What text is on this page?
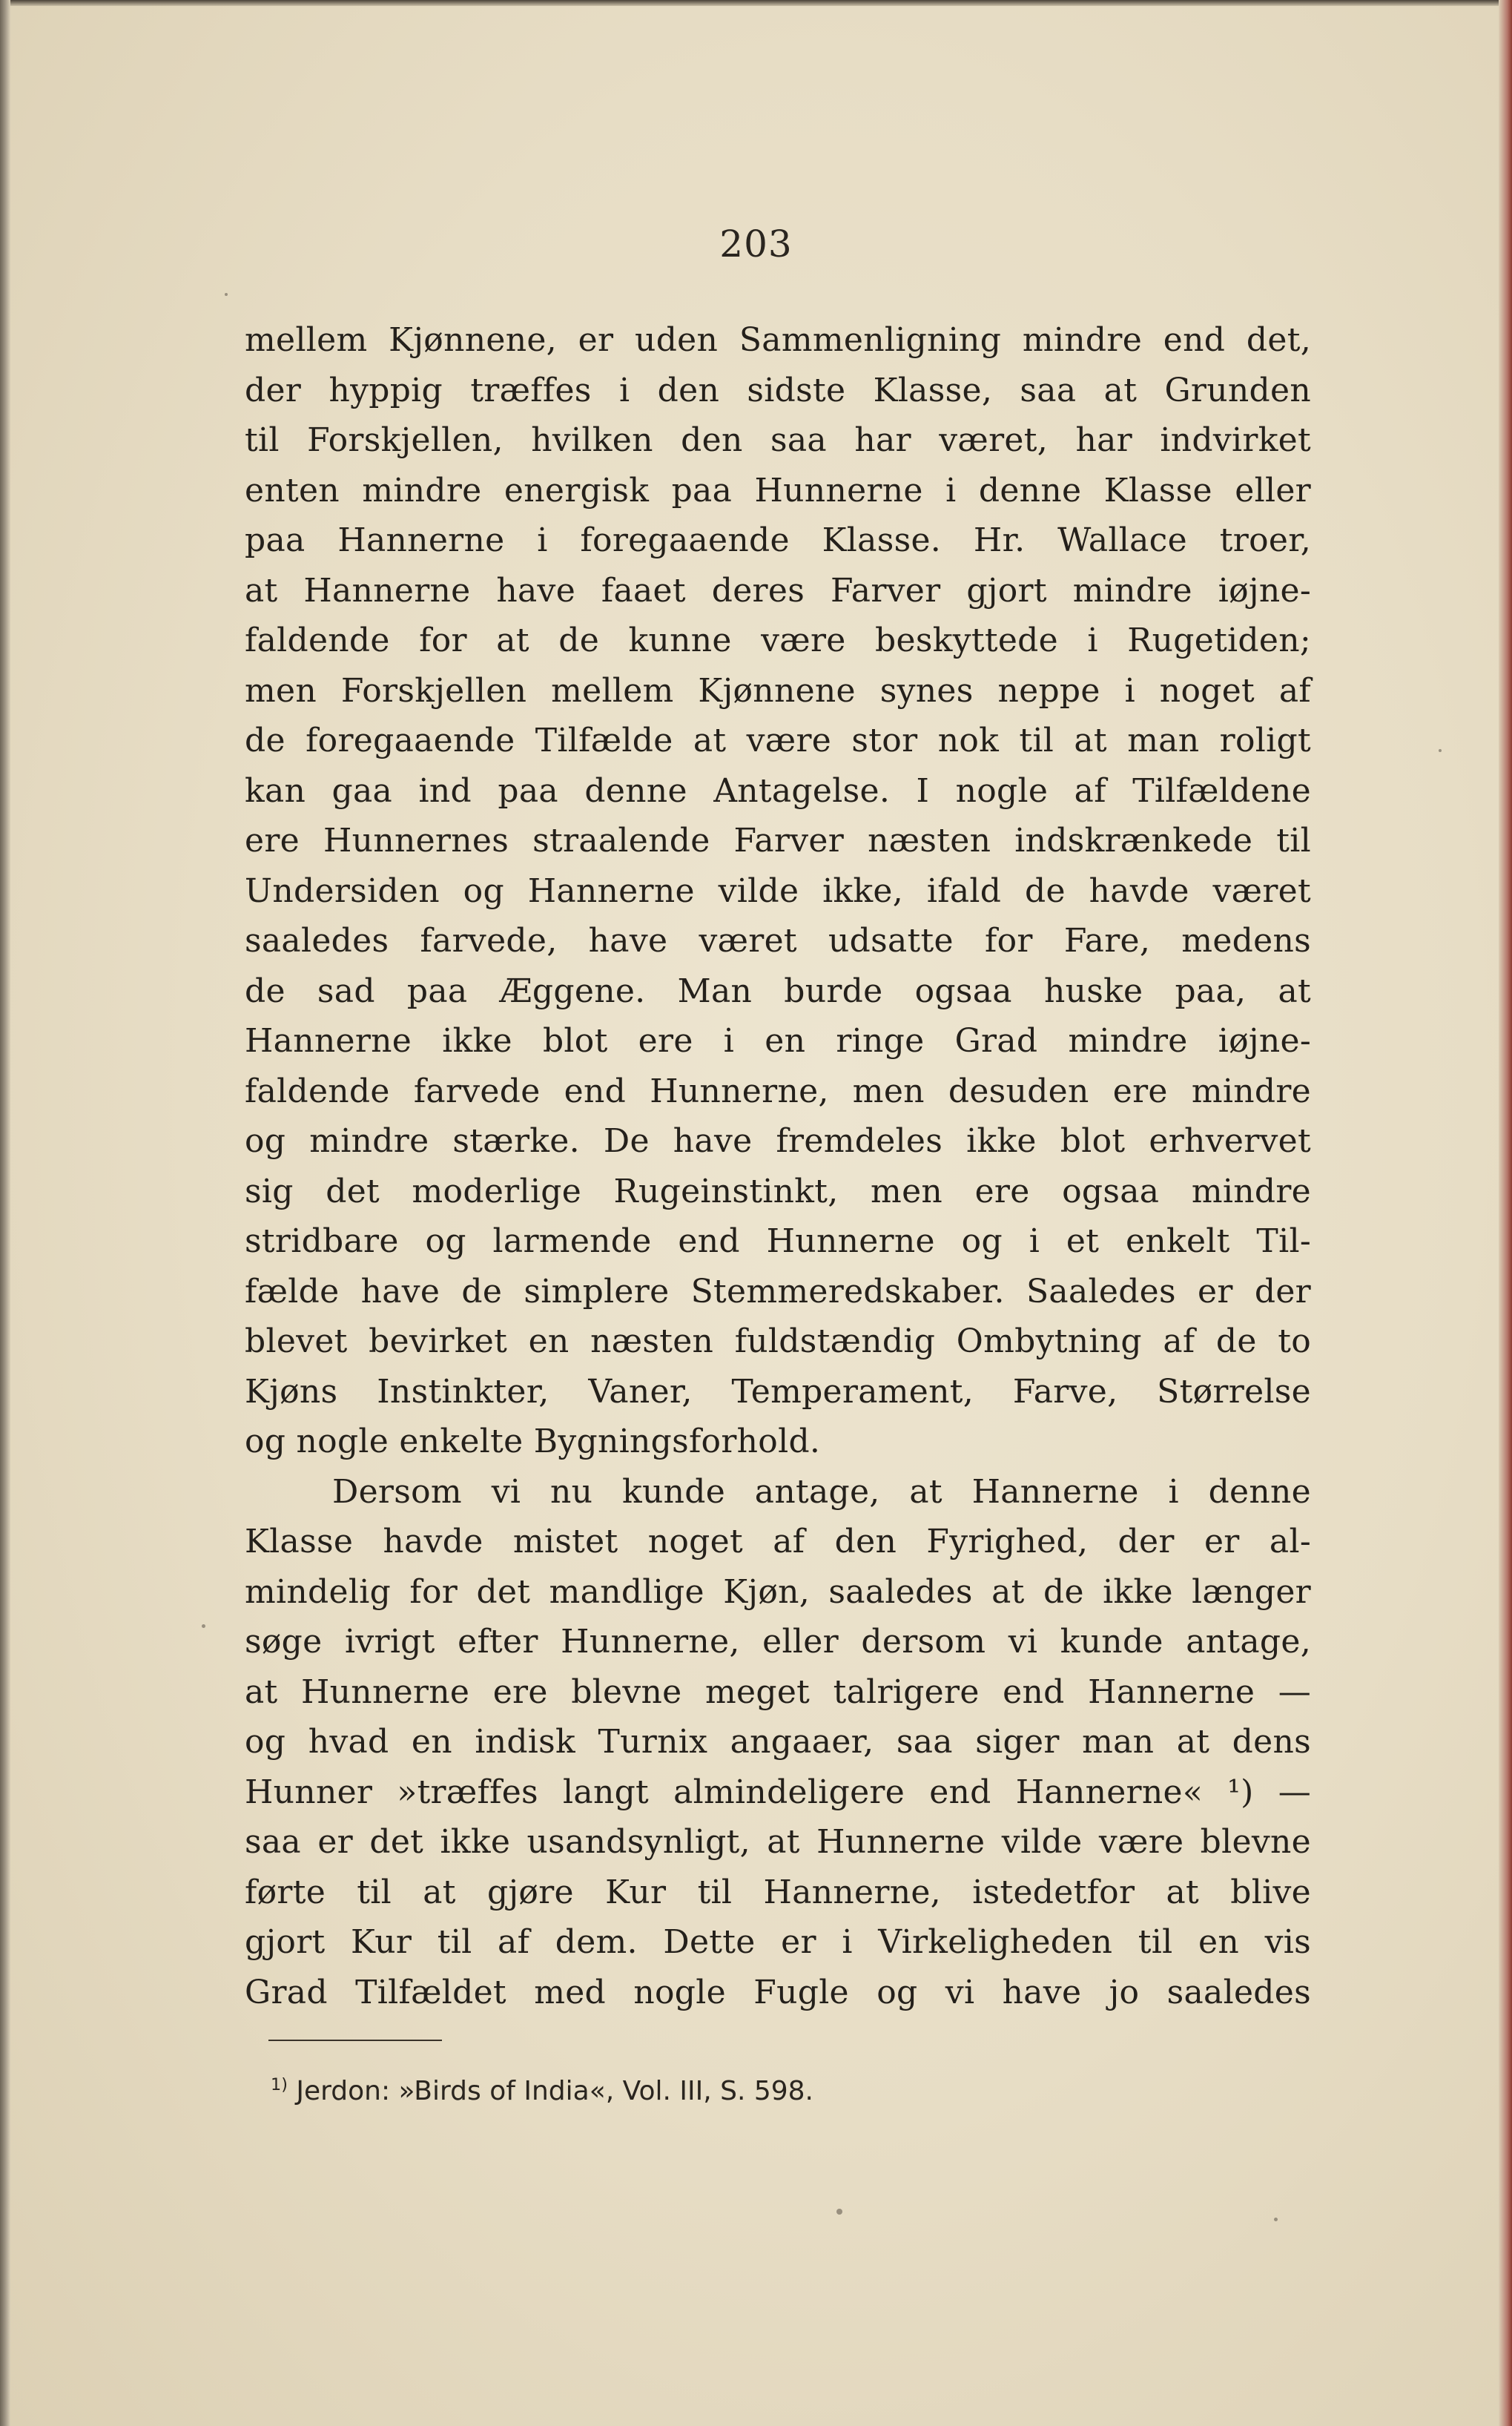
203
mellem Kjønnene, er uden Sammenligning mindre end det,
der hyppig træffes i den sidste Klasse, saa at Grunden
til Forskjellen, hvilken den saa har været, har indvirket
enten mindre energisk paa Hunnerne i denne Klasse eller
paa Hannerne i foregaaende Klasse. Hr. Wallace troer,
at Hannerne have faaet deres Farver gjort mindre iøjne-
faldende for at de kunne være beskyttede i Rugetiden;
men Forskjellen mellem Kjønnene synes neppe i noget af
de foregaaende Tilfælde at være stor nok til at man roligt
kan gaa ind paa denne Antagelse. I nogle af Tilfældene
ere Hunnernes straalende Farver næsten indskrænkede til
Undersiden og Hannerne vilde ikke, ifald de havde været
saaledes farvede, have været udsatte for Fare, medens
de sad paa Æggene. Man burde ogsaa huske paa, at
Hannerne ikke blot ere i en ringe Grad mindre iøjne-
faldende farvede end Hunnerne, men desuden ere mindre
og mindre stærke. De have fremdeles ikke blot erhvervet
sig det moderlige Rugeinstinkt, men ere ogsaa mindre
stridbare og larmende end Hunnerne og i et enkelt Til-
fælde have de simplere Stemmeredskaber. Saaledes er der
blevet bevirket en næsten fuldstændig Ombytning af de to
Kjøns Instinkter, Vaner, Temperament, Farve, Størrelse
og nogle enkelte Bygningsforhold.
Dersom vi nu kunde antage, at Hannerne i denne
Klasse havde mistet noget af den Fyrighed, der er al-
mindelig for det mandlige Kjøn, saaledes at de ikke længer
søge ivrigt efter Hunnerne, eller dersom vi kunde antage,
at Hunnerne ere blevne meget talrigere end Hannerne —
og hvad en indisk Turnix angaaer, saa siger man at dens
Hunner »træffes langt almindeligere end Hannerne« ¹) —
saa er det ikke usandsynligt, at Hunnerne vilde være blevne
førte til at gjøre Kur til Hannerne, istedetfor at blive
gjort Kur til af dem. Dette er i Virkeligheden til en vis
Grad Tilfældet med nogle Fugle og vi have jo saaledes
$^{1)}$ Jerdon: »Birds of India«, Vol. III, S. 598.
